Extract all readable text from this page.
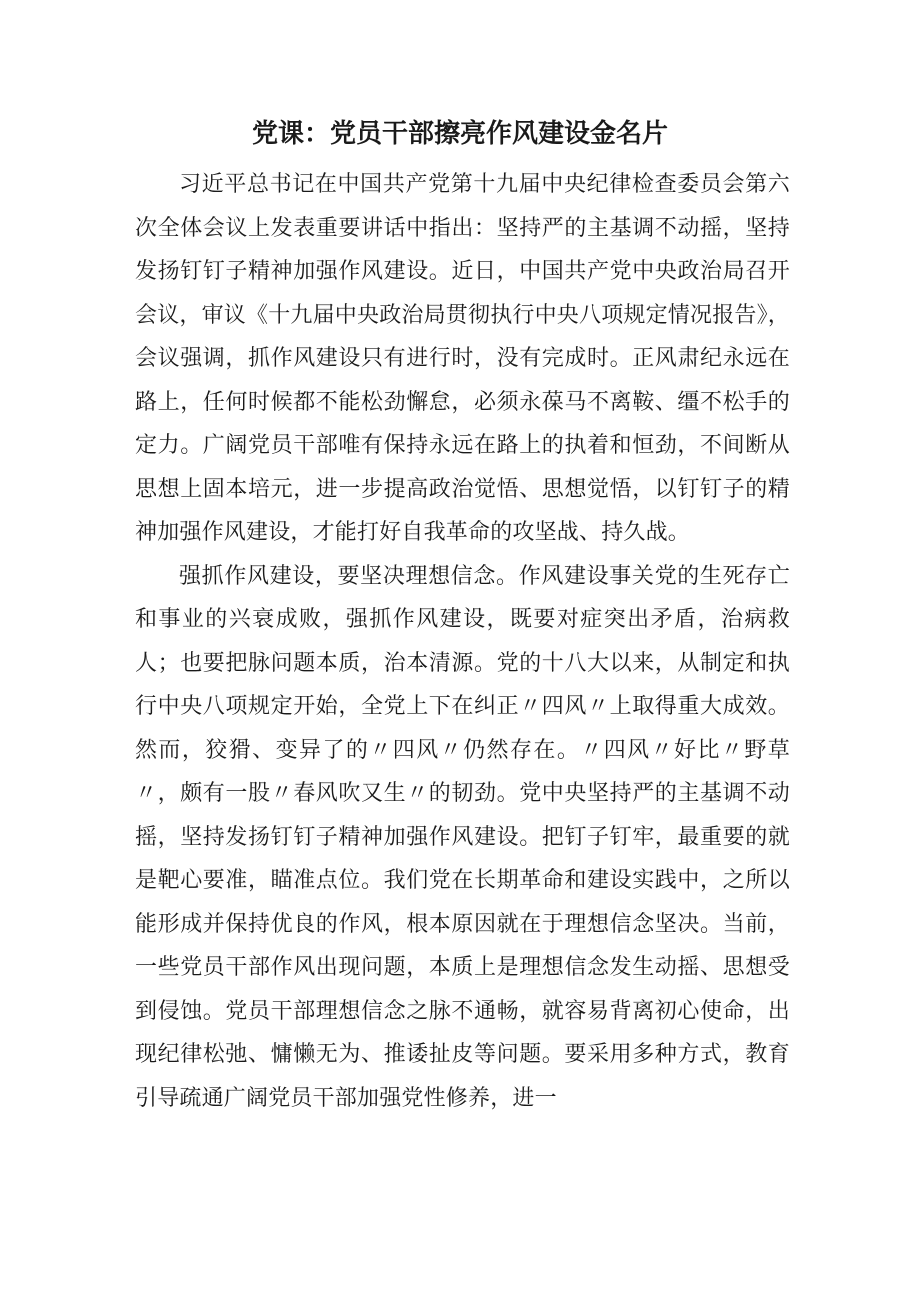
党课：党员干部擦亮作风建设金名片

习近平总书记在中国共产党第十九届中央纪律检查委员会第六次全体会议上发表重要讲话中指出：坚持严的主基调不动摇，坚持发扬钉钉子精神加强作风建设。近日，中国共产党中央政治局召开会议，审议《十九届中央政治局贯彻执行中央八项规定情况报告》，会议强调，抓作风建设只有进行时，没有完成时。正风肃纪永远在路上，任何时候都不能松劲懈怠，必须永葆马不离鞍、缰不松手的定力。广阔党员干部唯有保持永远在路上的执着和恒劲，不间断从思想上固本培元，进一步提高政治觉悟、思想觉悟，以钉钉子的精神加强作风建设，才能打好自我革命的攻坚战、持久战。

强抓作风建设，要坚决理想信念。作风建设事关党的生死存亡和事业的兴衰成败，强抓作风建设，既要对症突出矛盾，治病救人；也要把脉问题本质，治本清源。党的十八大以来，从制定和执行中央八项规定开始，全党上下在纠正〃四风〃上取得重大成效。然而，狡猾、变异了的〃四风〃仍然存在。〃四风〃好比〃野草〃，颇有一股〃春风吹又生〃的韧劲。党中央坚持严的主基调不动摇，坚持发扬钉钉子精神加强作风建设。把钉子钉牢，最重要的就是靶心要准，瞄准点位。我们党在长期革命和建设实践中，之所以能形成并保持优良的作风，根本原因就在于理想信念坚决。当前，一些党员干部作风出现问题，本质上是理想信念发生动摇、思想受到侵蚀。党员干部理想信念之脉不通畅，就容易背离初心使命，出现纪律松弛、慵懒无为、推诿扯皮等问题。要采用多种方式，教育引导疏通广阔党员干部加强党性修养，进一
